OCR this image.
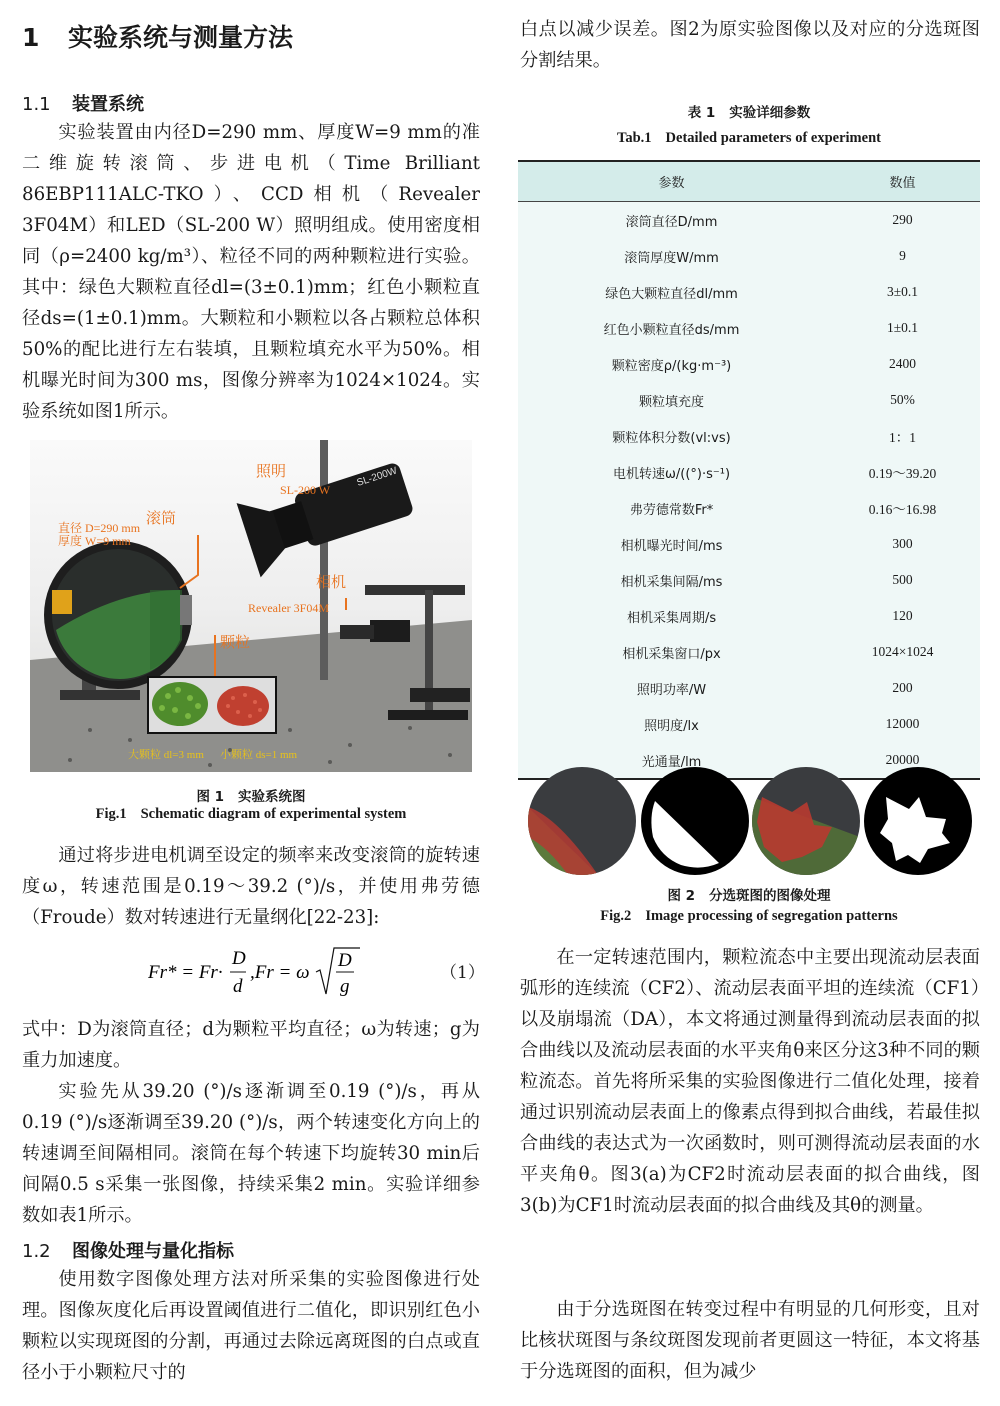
1 实验系统与测量方法
1.1 装置系统

实验装置由内径D=290 mm、厚度W=9 mm的准二维旋转滚筒、步进电机（Time Brilliant 86EBP111ALC-TKO）、CCD相机（Revealer 3F04M）和LED（SL-200 W）照明组成。使用密度相同（ρ=2400 kg/m³）、粒径不同的两种颗粒进行实验。其中：绿色大颗粒直径dl=(3±0.1)mm；红色小颗粒直径ds=(1±0.1)mm。大颗粒和小颗粒以各占颗粒总体积50%的配比进行左右装填，且颗粒填充水平为50%。相机曝光时间为300 ms，图像分辨率为1024×1024。实验系统如图1所示。

SL-200W
直径 D=290 mm
厚度 W=9 mm
滚筒
照明
SL-200 W
相机
Revealer 3F04M
颗粒
大颗粒 dl=3 mm 小颗粒 ds=1 mm

图 1 实验系统图

Fig.1 Schematic diagram of experimental system

通过将步进电机调至设定的频率来改变滚筒的旋转速度ω，转速范围是0.19～39.2 (°)/s，并使用弗劳德（Froude）数对转速进行无量纲化[22-23]:

Fr* = Fr·
D
d
,Fr = ω
D
g
（1）

式中：D为滚筒直径；d为颗粒平均直径；ω为转速；g为重力加速度。

实验先从39.20 (°)/s逐渐调至0.19 (°)/s，再从0.19 (°)/s逐渐调至39.20 (°)/s，两个转速变化方向上的转速调至间隔相同。滚筒在每个转速下均旋转30 min后间隔0.5 s采集一张图像，持续采集2 min。实验详细参数如表1所示。

1.2 图像处理与量化指标

使用数字图像处理方法对所采集的实验图像进行处理。图像灰度化后再设置阈值进行二值化，即识别红色小颗粒以实现斑图的分割，再通过去除远离斑图的白点或直径小于小颗粒尺寸的

白点以减少误差。图2为原实验图像以及对应的分选斑图分割结果。

表 1 实验详细参数

Tab.1 Detailed parameters of experiment

参数	数值
滚筒直径D/mm	290
滚筒厚度W/mm	9
绿色大颗粒直径dl/mm	3±0.1
红色小颗粒直径ds/mm	1±0.1
颗粒密度ρ/(kg·m⁻³)	2400
颗粒填充度	50%
颗粒体积分数(vl:vs)	1：1
电机转速ω/((°)·s⁻¹)	0.19～39.20
弗劳德常数Fr*	0.16～16.98
相机曝光时间/ms	300
相机采集间隔/ms	500
相机采集周期/s	120
相机采集窗口/px	1024×1024
照明功率/W	200
照明度/lx	12000
光通量/lm	20000

图 2 分选斑图的图像处理

Fig.2 Image processing of segregation patterns

在一定转速范围内，颗粒流态中主要出现流动层表面弧形的连续流（CF2）、流动层表面平坦的连续流（CF1）以及崩塌流（DA），本文将通过测量得到流动层表面的拟合曲线以及流动层表面的水平夹角θ来区分这3种不同的颗粒流态。首先将所采集的实验图像进行二值化处理，接着通过识别流动层表面上的像素点得到拟合曲线，若最佳拟合曲线的表达式为一次函数时，则可测得流动层表面的水平夹角θ。图3(a)为CF2时流动层表面的拟合曲线，图3(b)为CF1时流动层表面的拟合曲线及其θ的测量。

由于分选斑图在转变过程中有明显的几何形变，且对比核状斑图与条纹斑图发现前者更圆这一特征，本文将基于分选斑图的面积，但为减少
